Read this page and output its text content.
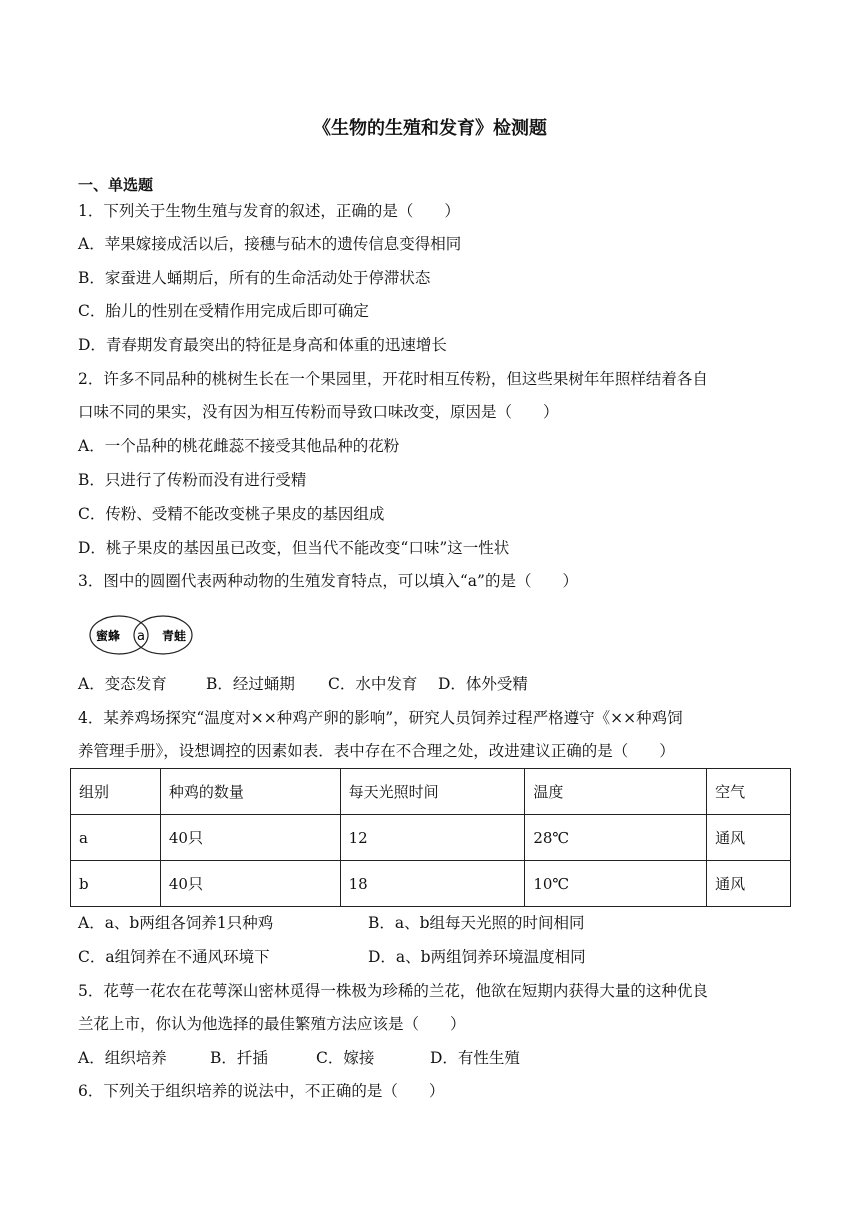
《生物的生殖和发育》检测题
一、单选题
1．下列关于生物生殖与发育的叙述，正确的是（　　）
A．苹果嫁接成活以后，接穗与砧木的遗传信息变得相同
B．家蚕进人蛹期后，所有的生命活动处于停滞状态
C．胎儿的性别在受精作用完成后即可确定
D．青春期发育最突出的特征是身高和体重的迅速增长
2．许多不同品种的桃树生长在一个果园里，开花时相互传粉，但这些果树年年照样结着各自
口味不同的果实，没有因为相互传粉而导致口味改变，原因是（　　）
A．一个品种的桃花雌蕊不接受其他品种的花粉
B．只进行了传粉而没有进行受精
C．传粉、受精不能改变桃子果皮的基因组成
D．桃子果皮的基因虽已改变，但当代不能改变“口味”这一性状
3．图中的圆圈代表两种动物的生殖发育特点，可以填入“a”的是（　　）
蜜蜂 a 青蛙
A．变态发育	B．经过蛹期 C．水中发育 D．体外受精
4．某养鸡场探究“温度对××种鸡产卵的影响”，研究人员饲养过程严格遵守《××种鸡饲
养管理手册》，设想调控的因素如表．表中存在不合理之处，改进建议正确的是（　　）
组别	种鸡的数量	每天光照时间	温度	空气
a	40只	12	28℃	通风
b	40只	18	10℃	通风
A．a、b两组各饲养1只种鸡	B．a、b组每天光照的时间相同
C．a组饲养在不通风环境下	D．a、b两组饲养环境温度相同
5．花萼一花农在花萼深山密林觅得一株极为珍稀的兰花，他欲在短期内获得大量的这种优良
兰花上市，你认为他选择的最佳繁殖方法应该是（　　）
A．组织培养	B．扦插	C．嫁接	D．有性生殖
6．下列关于组织培养的说法中，不正确的是（　　）
